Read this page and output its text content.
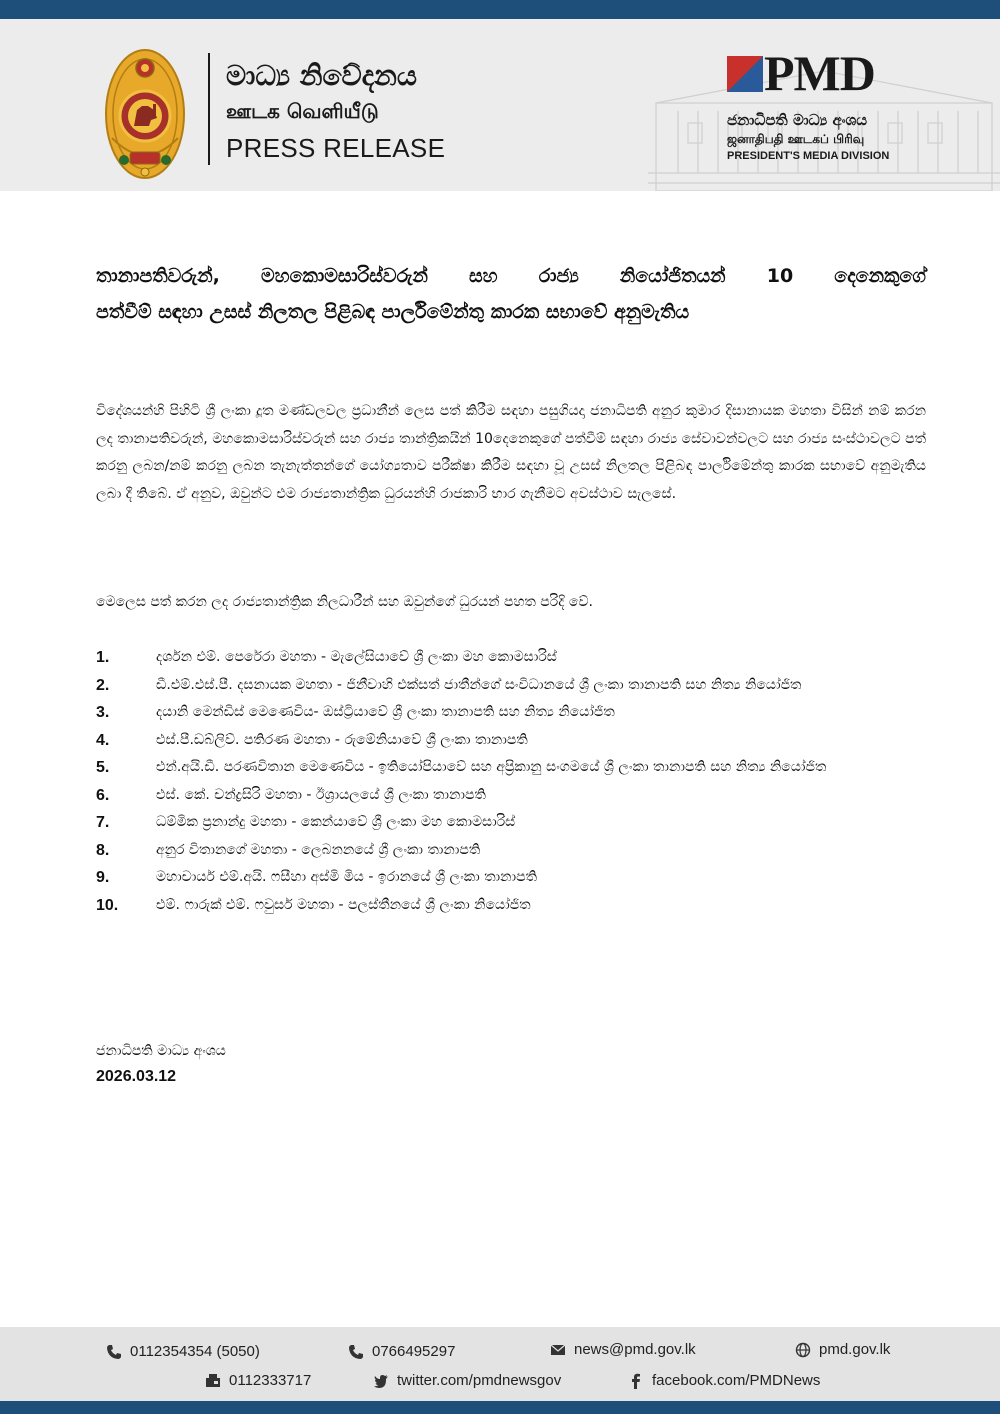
මාධ්‍ය නිවේදනය
ஊடக வெளியீடு
PRESS RELEASE
PMD
ජනාධිපති මාධ්‍ය අංශය
ஜனாதிபதி ஊடகப் பிரிவு
PRESIDENT'S MEDIA DIVISION
තානාපතිවරුන්, මහකොමසාරිස්වරුන් සහ රාජ්‍ය නියෝජිතයන් 10 දෙනෙකුගේ
පත්වීම් සඳහා උසස් නිලතල පිළිබඳ පාර්ලිමේන්තු කාරක සභාවේ අනුමැතිය

විදේශයන්හි පිහිටි ශ්‍රී ලංකා දූත මණ්ඩලවල ප්‍රධානීන් ලෙස පත් කිරීම සඳහා පසුගියදා ජනාධිපති අනුර කුමාර දිසානායක මහතා විසින් නම් කරන ලද තානාපතිවරුන්, මහකොමසාරිස්වරුන් සහ රාජ්‍ය තාන්ත්‍රිකයින් 10දෙනෙකුගේ පත්වීම් සඳහා රාජ්‍ය සේවාවන්වලට සහ රාජ්‍ය සංස්ථාවලට පත් කරනු ලබන/නම් කරනු ලබන තැනැත්තන්ගේ යෝග්‍යතාව පරීක්ෂා කිරීම සඳහා වූ උසස් නිලතල පිළිබඳ පාර්ලිමේන්තු කාරක සභාවේ අනුමැතිය ලබා දී තිබේ. ඒ අනුව, ඔවුන්ට එම රාජ්‍යතාන්ත්‍රික ධුරයන්හි රාජකාරි භාර ගැනීමට අවස්ථාව සැලසේ.

මෙලෙස පත් කරන ලද රාජ්‍යතාන්ත්‍රික නිලධාරීන් සහ ඔවුන්ගේ ධුරයන් පහත පරිදි වේ.

1.	දර්ශන එම්. පෙරේරා මහතා - මැලේසියාවේ ශ්‍රී ලංකා මහ කොමසාරිස්
2.	ඩී.එම්.එස්.පී. දසනායක මහතා - ජිනීවාහි එක්සත් ජාතීන්ගේ සංවිධානයේ ශ්‍රී ලංකා තානාපති සහ නිත්‍ය නියෝජිත
3.	දයානි මෙන්ඩිස් මෙණෙවිය- ඔස්ට්‍රියාවේ ශ්‍රී ලංකා තානාපති සහ නිත්‍ය නියෝජිත
4.	එස්.පී.ඩබ්ලිව්. පතිරණ මහතා - රුමේනියාවේ ශ්‍රී ලංකා තානාපති
5.	එන්.අයි.ඩී. පරණවිතාන මෙණෙවිය - ඉතියෝපියාවේ සහ අප්‍රිකානු සංගමයේ ශ්‍රී ලංකා තානාපති සහ නිත්‍ය නියෝජිත
6.	එස්. කේ. චන්ද්‍රසිරි මහතා - ඊශ්‍රායලයේ ශ්‍රී ලංකා තානාපති
7.	ධම්මික ප්‍රනාන්දු මහතා - කෙන්යාවේ ශ්‍රී ලංකා මහ කොමසාරිස්
8.	අනුර විතානගේ මහතා - ලෙබනනයේ ශ්‍රී ලංකා තානාපති
9.	මහාචාර්ය එම්.අයි. ෆසීහා අස්මි මිය - ඉරානයේ ශ්‍රී ලංකා තානාපති
10.	එම්. ෆාරුක් එම්. ෆවුසර් මහතා - පලස්තීනයේ ශ්‍රී ලංකා නියෝජිත
ජනාධිපති මාධ්‍ය අංශය
2026.03.12
0112354354 (5050)	0766495297	news@pmd.gov.lk	pmd.gov.lk
0112333717	twitter.com/pmdnewsgov	facebook.com/PMDNews
